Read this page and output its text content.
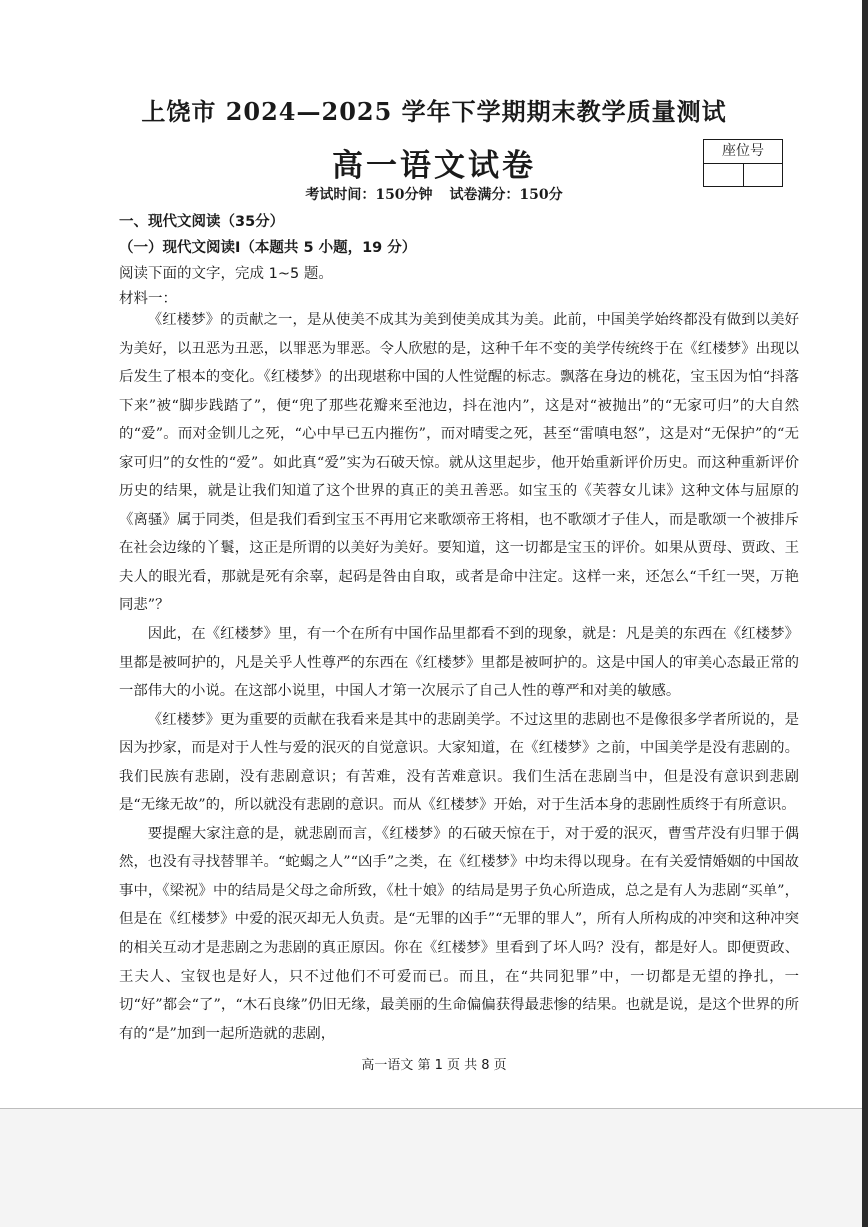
上饶市 2024—2025 学年下学期期末教学质量测试
高一语文试卷	座位号
考试时间：150分钟 试卷满分：150分
一、现代文阅读（35分）
（一）现代文阅读Ⅰ（本题共 5 小题，19 分）
阅读下面的文字，完成 1~5 题。
材料一：

《红楼梦》的贡献之一，是从使美不成其为美到使美成其为美。此前，中国美学始终都没有做到以美好为美好，以丑恶为丑恶，以罪恶为罪恶。令人欣慰的是，这种千年不变的美学传统终于在《红楼梦》出现以后发生了根本的变化。《红楼梦》的出现堪称中国的人性觉醒的标志。飘落在身边的桃花，宝玉因为怕“抖落下来”被“脚步践踏了”，便“兜了那些花瓣来至池边，抖在池内”，这是对“被抛出”的“无家可归”的大自然的“爱”。而对金钏儿之死，“心中早已五内摧伤”，而对晴雯之死，甚至“雷嗔电怒”，这是对“无保护”的“无家可归”的女性的“爱”。如此真“爱”实为石破天惊。就从这里起步，他开始重新评价历史。而这种重新评价历史的结果，就是让我们知道了这个世界的真正的美丑善恶。如宝玉的《芙蓉女儿诔》这种文体与屈原的《离骚》属于同类，但是我们看到宝玉不再用它来歌颂帝王将相，也不歌颂才子佳人，而是歌颂一个被排斥在社会边缘的丫鬟，这正是所谓的以美好为美好。要知道，这一切都是宝玉的评价。如果从贾母、贾政、王夫人的眼光看，那就是死有余辜，起码是咎由自取，或者是命中注定。这样一来，还怎么“千红一哭，万艳同悲”？

因此，在《红楼梦》里，有一个在所有中国作品里都看不到的现象，就是：凡是美的东西在《红楼梦》里都是被呵护的，凡是关乎人性尊严的东西在《红楼梦》里都是被呵护的。这是中国人的审美心态最正常的一部伟大的小说。在这部小说里，中国人才第一次展示了自己人性的尊严和对美的敏感。

《红楼梦》更为重要的贡献在我看来是其中的悲剧美学。不过这里的悲剧也不是像很多学者所说的，是因为抄家，而是对于人性与爱的泯灭的自觉意识。大家知道，在《红楼梦》之前，中国美学是没有悲剧的。我们民族有悲剧，没有悲剧意识；有苦难，没有苦难意识。我们生活在悲剧当中，但是没有意识到悲剧是“无缘无故”的，所以就没有悲剧的意识。而从《红楼梦》开始，对于生活本身的悲剧性质终于有所意识。

要提醒大家注意的是，就悲剧而言，《红楼梦》的石破天惊在于，对于爱的泯灭，曹雪芹没有归罪于偶然，也没有寻找替罪羊。“蛇蝎之人”“凶手”之类，在《红楼梦》中均未得以现身。在有关爱情婚姻的中国故事中，《梁祝》中的结局是父母之命所致，《杜十娘》的结局是男子负心所造成，总之是有人为悲剧“买单”，但是在《红楼梦》中爱的泯灭却无人负责。是“无罪的凶手”“无罪的罪人”，所有人所构成的冲突和这种冲突的相关互动才是悲剧之为悲剧的真正原因。你在《红楼梦》里看到了坏人吗？没有，都是好人。即便贾政、王夫人、宝钗也是好人，只不过他们不可爱而已。而且，在“共同犯罪”中，一切都是无望的挣扎，一切“好”都会“了”，“木石良缘”仍旧无缘，最美丽的生命偏偏获得最悲惨的结果。也就是说，是这个世界的所有的“是”加到一起所造就的悲剧，

高一语文 第 1 页 共 8 页
